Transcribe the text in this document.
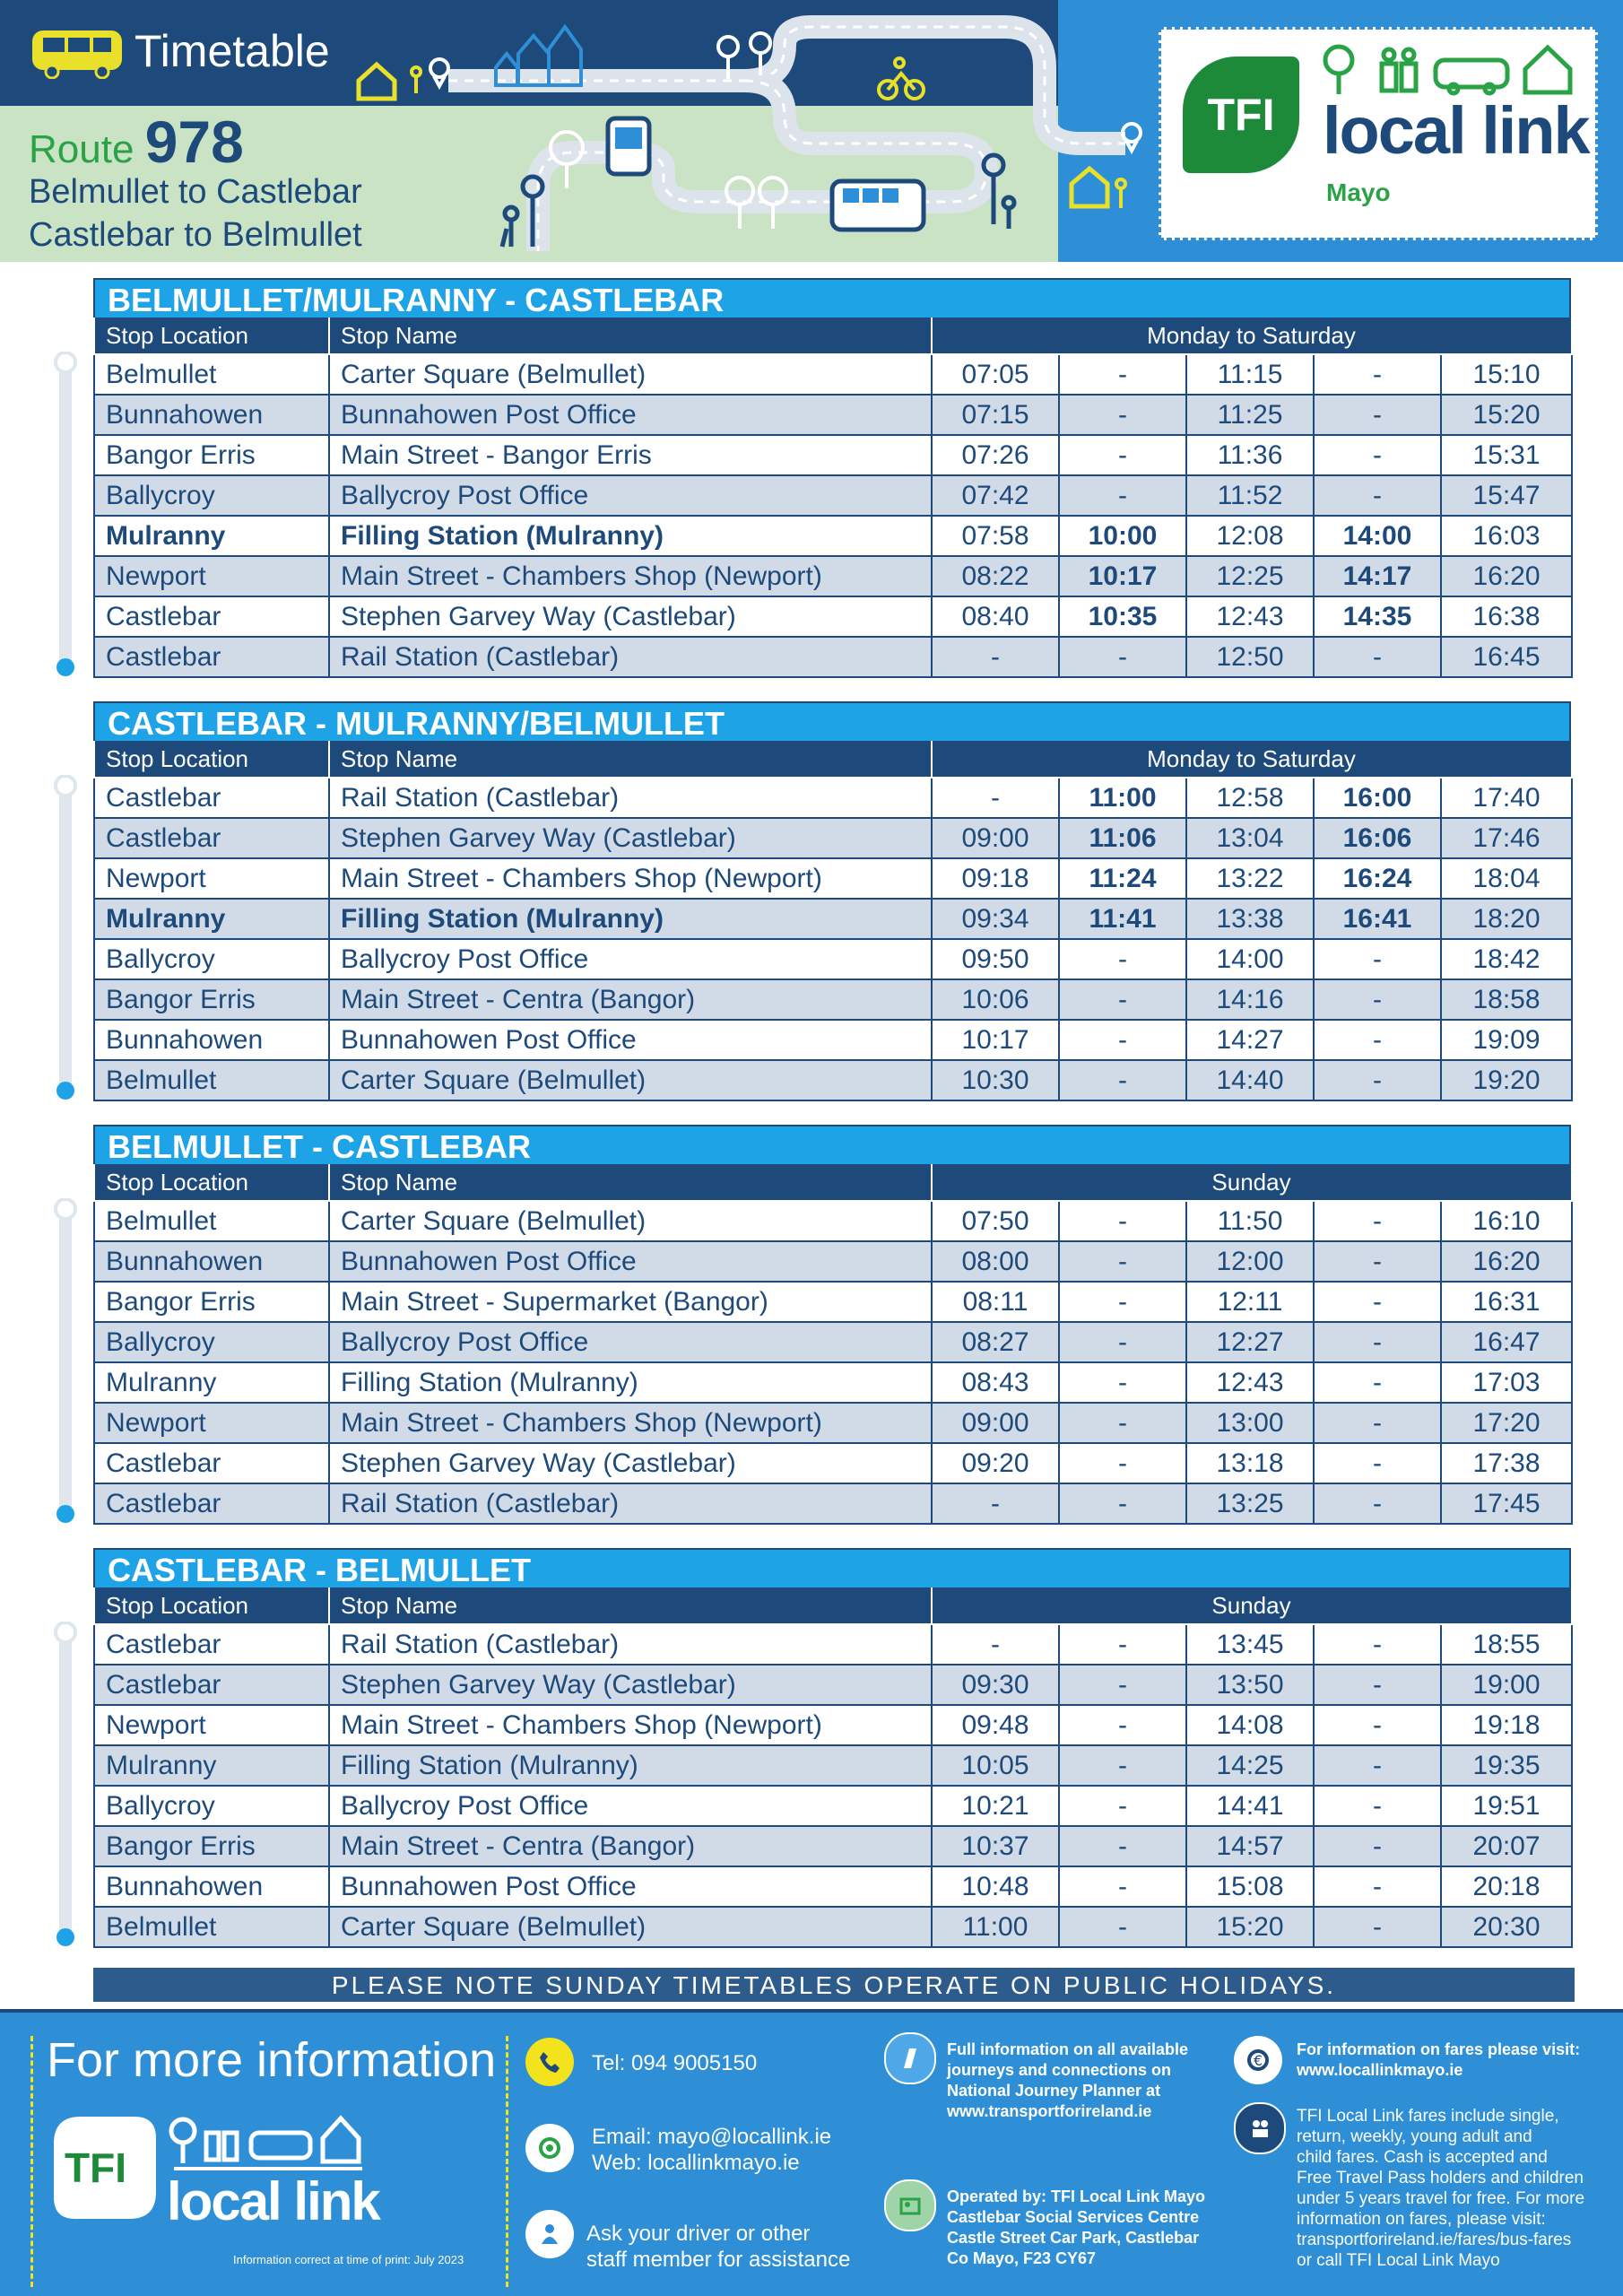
Timetable
Route 978
Belmullet to Castlebar
Castlebar to Belmullet
TFI local link
Mayo
BELMULLET/MULRANNY - CASTLEBAR
Stop Location	Stop Name	Monday to Saturday				
Belmullet	Carter Square (Belmullet)	07:05	-	11:15	-	15:10
Bunnahowen	Bunnahowen Post Office	07:15	-	11:25	-	15:20
Bangor Erris	Main Street - Bangor Erris	07:26	-	11:36	-	15:31
Ballycroy	Ballycroy Post Office	07:42	-	11:52	-	15:47
Mulranny	Filling Station (Mulranny)	07:58	10:00	12:08	14:00	16:03
Newport	Main Street - Chambers Shop (Newport)	08:22	10:17	12:25	14:17	16:20
Castlebar	Stephen Garvey Way (Castlebar)	08:40	10:35	12:43	14:35	16:38
Castlebar	Rail Station (Castlebar)	-	-	12:50	-	16:45
CASTLEBAR - MULRANNY/BELMULLET
Stop Location	Stop Name	Monday to Saturday				
Castlebar	Rail Station (Castlebar)	-	11:00	12:58	16:00	17:40
Castlebar	Stephen Garvey Way (Castlebar)	09:00	11:06	13:04	16:06	17:46
Newport	Main Street - Chambers Shop (Newport)	09:18	11:24	13:22	16:24	18:04
Mulranny	Filling Station (Mulranny)	09:34	11:41	13:38	16:41	18:20
Ballycroy	Ballycroy Post Office	09:50	-	14:00	-	18:42
Bangor Erris	Main Street - Centra (Bangor)	10:06	-	14:16	-	18:58
Bunnahowen	Bunnahowen Post Office	10:17	-	14:27	-	19:09
Belmullet	Carter Square (Belmullet)	10:30	-	14:40	-	19:20
BELMULLET - CASTLEBAR
Stop Location	Stop Name	Sunday				
Belmullet	Carter Square (Belmullet)	07:50	-	11:50	-	16:10
Bunnahowen	Bunnahowen Post Office	08:00	-	12:00	-	16:20
Bangor Erris	Main Street - Supermarket (Bangor)	08:11	-	12:11	-	16:31
Ballycroy	Ballycroy Post Office	08:27	-	12:27	-	16:47
Mulranny	Filling Station (Mulranny)	08:43	-	12:43	-	17:03
Newport	Main Street - Chambers Shop (Newport)	09:00	-	13:00	-	17:20
Castlebar	Stephen Garvey Way (Castlebar)	09:20	-	13:18	-	17:38
Castlebar	Rail Station (Castlebar)	-	-	13:25	-	17:45
CASTLEBAR - BELMULLET
Stop Location	Stop Name	Sunday				
Castlebar	Rail Station (Castlebar)	-	-	13:45	-	18:55
Castlebar	Stephen Garvey Way (Castlebar)	09:30	-	13:50	-	19:00
Newport	Main Street - Chambers Shop (Newport)	09:48	-	14:08	-	19:18
Mulranny	Filling Station (Mulranny)	10:05	-	14:25	-	19:35
Ballycroy	Ballycroy Post Office	10:21	-	14:41	-	19:51
Bangor Erris	Main Street - Centra (Bangor)	10:37	-	14:57	-	20:07
Bunnahowen	Bunnahowen Post Office	10:48	-	15:08	-	20:18
Belmullet	Carter Square (Belmullet)	11:00	-	15:20	-	20:30
PLEASE NOTE SUNDAY TIMETABLES OPERATE ON PUBLIC HOLIDAYS.
For more information
TFI
local link
Information correct at time of print: July 2023
Tel: 094 9005150
Email: mayo@locallink.ie
Web: locallinkmayo.ie
Ask your driver or other
staff member for assistance
Full information on all available
journeys and connections on
National Journey Planner at
www.transportforireland.ie
Operated by: TFI Local Link Mayo
Castlebar Social Services Centre
Castle Street Car Park, Castlebar
Co Mayo, F23 CY67
€
For information on fares please visit:
www.locallinkmayo.ie
TFI Local Link fares include single,
return, weekly, young adult and
child fares. Cash is accepted and
Free Travel Pass holders and children
under 5 years travel for free. For more
information on fares, please visit:
transportforireland.ie/fares/bus-fares
or call TFI Local Link Mayo
